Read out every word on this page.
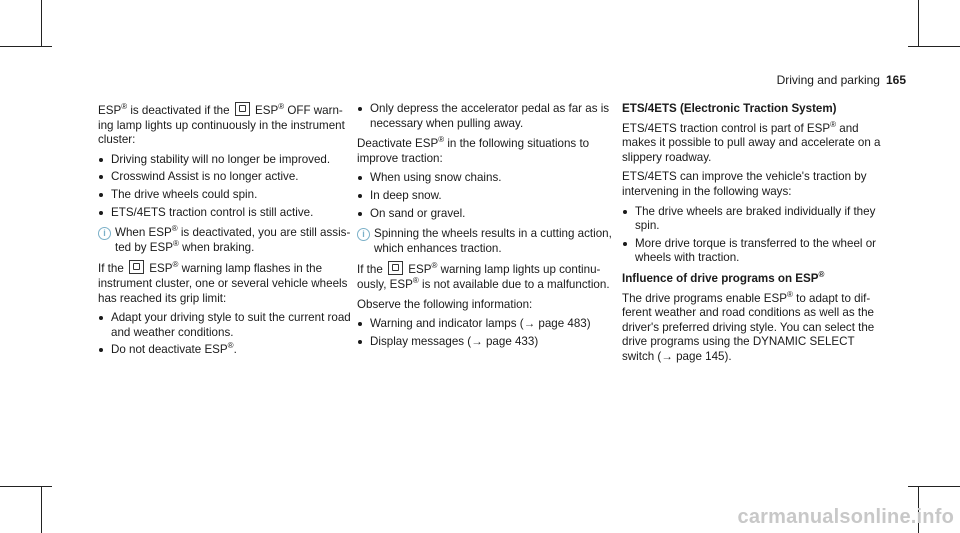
Driving and parking 165

ESP® is deactivated if the  ESP® OFF warn- ing lamp lights up continuously in the instrument cluster:

Driving stability will no longer be improved.
Crosswind Assist is no longer active.
The drive wheels could spin.
ETS/4ETS traction control is still active.
i When ESP® is deactivated, you are still assis- ted by ESP® when braking.

If the  ESP® warning lamp flashes in the instrument cluster, one or several vehicle wheels has reached its grip limit:

Adapt your driving style to suit the current road and weather conditions.
Do not deactivate ESP®.
Only depress the accelerator pedal as far as is necessary when pulling away.

Deactivate ESP® in the following situations to improve traction:

When using snow chains.
In deep snow.
On sand or gravel.
i Spinning the wheels results in a cutting action, which enhances traction.

If the  ESP® warning lamp lights up continu- ously, ESP® is not available due to a malfunction.

Observe the following information:

Warning and indicator lamps (→ page 483)
Display messages (→ page 433)

ETS/4ETS (Electronic Traction System)

ETS/4ETS traction control is part of ESP® and makes it possible to pull away and accelerate on a slippery roadway.

ETS/4ETS can improve the vehicle's traction by intervening in the following ways:

The drive wheels are braked individually if they spin.
More drive torque is transferred to the wheel or wheels with traction.

Influence of drive programs on ESP®

The drive programs enable ESP® to adapt to dif- ferent weather and road conditions as well as the driver's preferred driving style. You can select the drive programs using the DYNAMIC SELECT switch (→ page 145).

carmanualsonline.info
